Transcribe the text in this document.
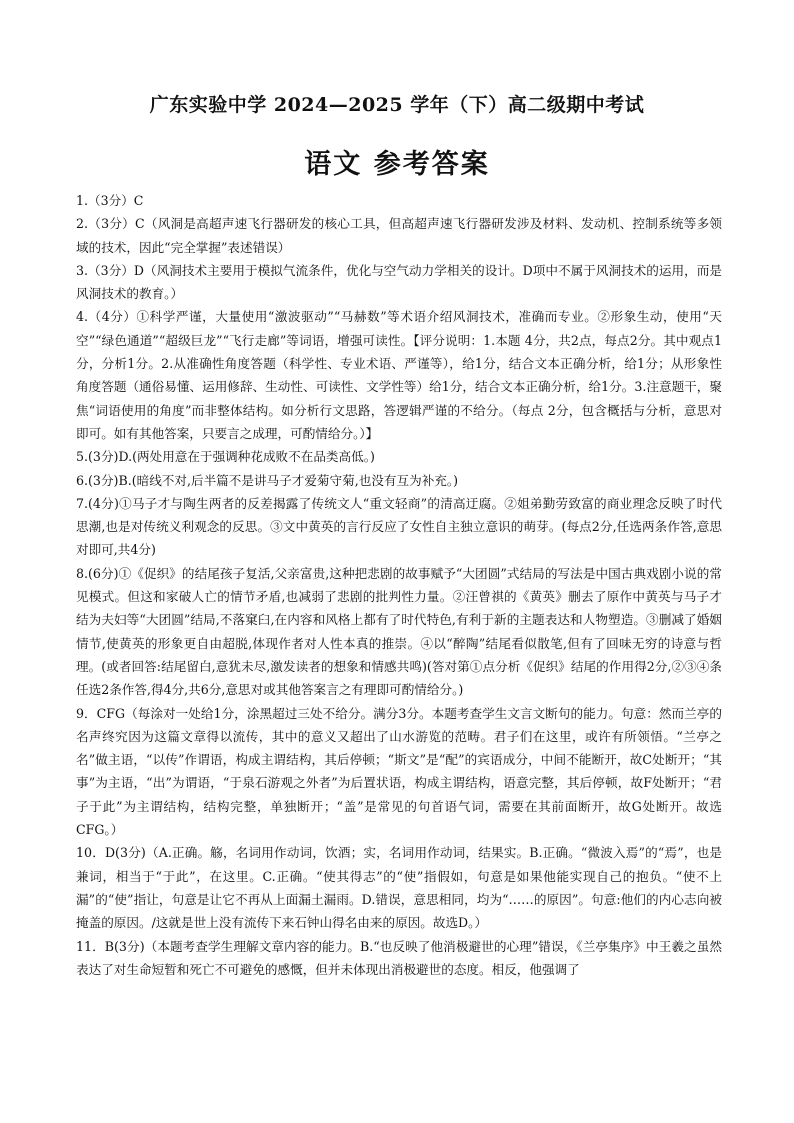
广东实验中学 2024—2025 学年（下）高二级期中考试
语文 参考答案

1.（3分）C

2.（3分）C（风洞是高超声速飞行器研发的核心工具，但高超声速飞行器研发涉及材料、发动机、控制系统等多领域的技术，因此“完全掌握”表述错误）

3.（3分）D（风洞技术主要用于模拟气流条件，优化与空气动力学相关的设计。D项中不属于风洞技术的运用，而是风洞技术的教育。）

4.（4分）①科学严谨，大量使用“激波驱动”“马赫数”等术语介绍风洞技术，准确而专业。②形象生动，使用“天空”“绿色通道”“超级巨龙”“飞行走廊”等词语，增强可读性。【评分说明：1.本题 4分，共2点，每点2分。其中观点1分，分析1分。2.从准确性角度答题（科学性、专业术语、严谨等），给1分，结合文本正确分析，给1分；从形象性角度答题（通俗易懂、运用修辞、生动性、可读性、文学性等）给1分，结合文本正确分析，给1分。3.注意题干，聚焦“词语使用的角度”而非整体结构。如分析行文思路，答逻辑严谨的不给分。（每点 2分，包含概括与分析，意思对即可。如有其他答案，只要言之成理，可酌情给分。）】

5.(3分)D.(两处用意在于强调种花成败不在品类高低。)

6.(3分)B.(暗线不对,后半篇不是讲马子才爱菊守菊,也没有互为补充。)

7.(4分)①马子才与陶生两者的反差揭露了传统文人“重文轻商”的清高迂腐。②姐弟勤劳致富的商业理念反映了时代思潮,也是对传统义利观念的反思。③文中黄英的言行反应了女性自主独立意识的萌芽。(每点2分,任选两条作答,意思对即可,共4分)

8.(6分)①《促织》的结尾孩子复活,父亲富贵,这种把悲剧的故事赋予“大团圆”式结局的写法是中国古典戏剧小说的常见模式。但这和家破人亡的情节矛盾,也减弱了悲剧的批判性力量。②汪曾祺的《黄英》删去了原作中黄英与马子才结为夫妇等“大团圆”结局,不落窠臼,在内容和风格上都有了时代特色,有利于新的主题表达和人物塑造。③删减了婚姻情节,使黄英的形象更自由超脱,体现作者对人性本真的推崇。④以“醉陶”结尾看似散笔,但有了回味无穷的诗意与哲理。(或者回答:结尾留白,意犹未尽,激发读者的想象和情感共鸣)(答对第①点分析《促织》结尾的作用得2分,②③④条任选2条作答,得4分,共6分,意思对或其他答案言之有理即可酌情给分。)

9．CFG（每涂对一处给1分，涂黑超过三处不给分。满分3分。本题考查学生文言文断句的能力。句意：然而兰亭的名声终究因为这篇文章得以流传，其中的意义又超出了山水游览的范畴。君子们在这里，或许有所领悟。“兰亭之名”做主语，“以传”作谓语，构成主谓结构，其后停顿；“斯文”是“配”的宾语成分，中间不能断开，故C处断开；“其事”为主语，“出”为谓语，“于泉石游观之外者”为后置状语，构成主谓结构，语意完整，其后停顿，故F处断开；“君子于此”为主谓结构，结构完整，单独断开；“盖”是常见的句首语气词，需要在其前面断开，故G处断开。故选CFG。）

10．D(3分)（A.正确。觞，名词用作动词，饮酒；实，名词用作动词，结果实。B.正确。“微波入焉”的“焉”，也是兼词，相当于“于此”，在这里。C.正确。“使其得志”的“使”指假如，句意是如果他能实现自己的抱负。“使不上漏”的“使”指让，句意是让它不再从上面漏土漏雨。D.错误，意思相同，均为“……的原因”。句意:他们的内心志向被掩盖的原因。/这就是世上没有流传下来石钟山得名由来的原因。故选D。）

11．B(3分)（本题考查学生理解文章内容的能力。B.“也反映了他消极避世的心理”错误，《兰亭集序》中王羲之虽然表达了对生命短暂和死亡不可避免的感慨，但并未体现出消极避世的态度。相反，他强调了
